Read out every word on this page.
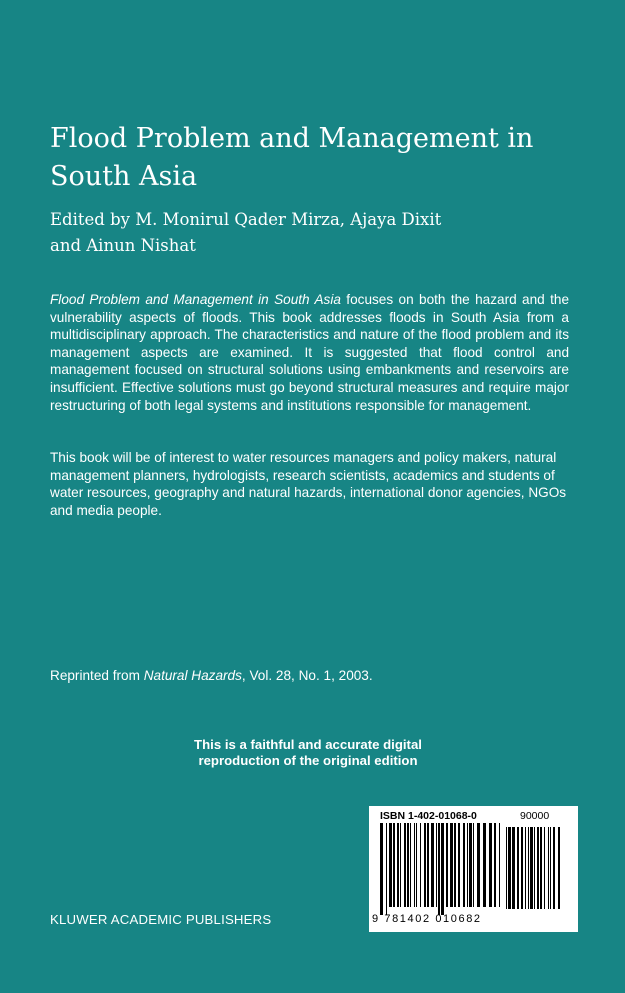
Flood Problem and Management in
South Asia
Edited by M. Monirul Qader Mirza, Ajaya Dixit
and Ainun Nishat

Flood Problem and Management in South Asia focuses on both the hazard and the vulnerability aspects of floods. This book addresses floods in South Asia from a multidisciplinary approach. The characteristics and nature of the flood problem and its management aspects are examined. It is suggested that flood control and management focused on structural solutions using embankments and reservoirs are insufficient. Effective solutions must go beyond structural measures and require major restructuring of both legal systems and institutions responsible for management.

This book will be of interest to water resources managers and policy makers, natural management planners, hydrologists, research scientists, academics and students of water resources, geography and natural hazards, international donor agencies, NGOs and media people.

Reprinted from Natural Hazards, Vol. 28, No. 1, 2003.
This is a faithful and accurate digital
reproduction of the original edition
KLUWER ACADEMIC PUBLISHERS
ISBN 1-402-01068-0	90000
9 781402 010682
